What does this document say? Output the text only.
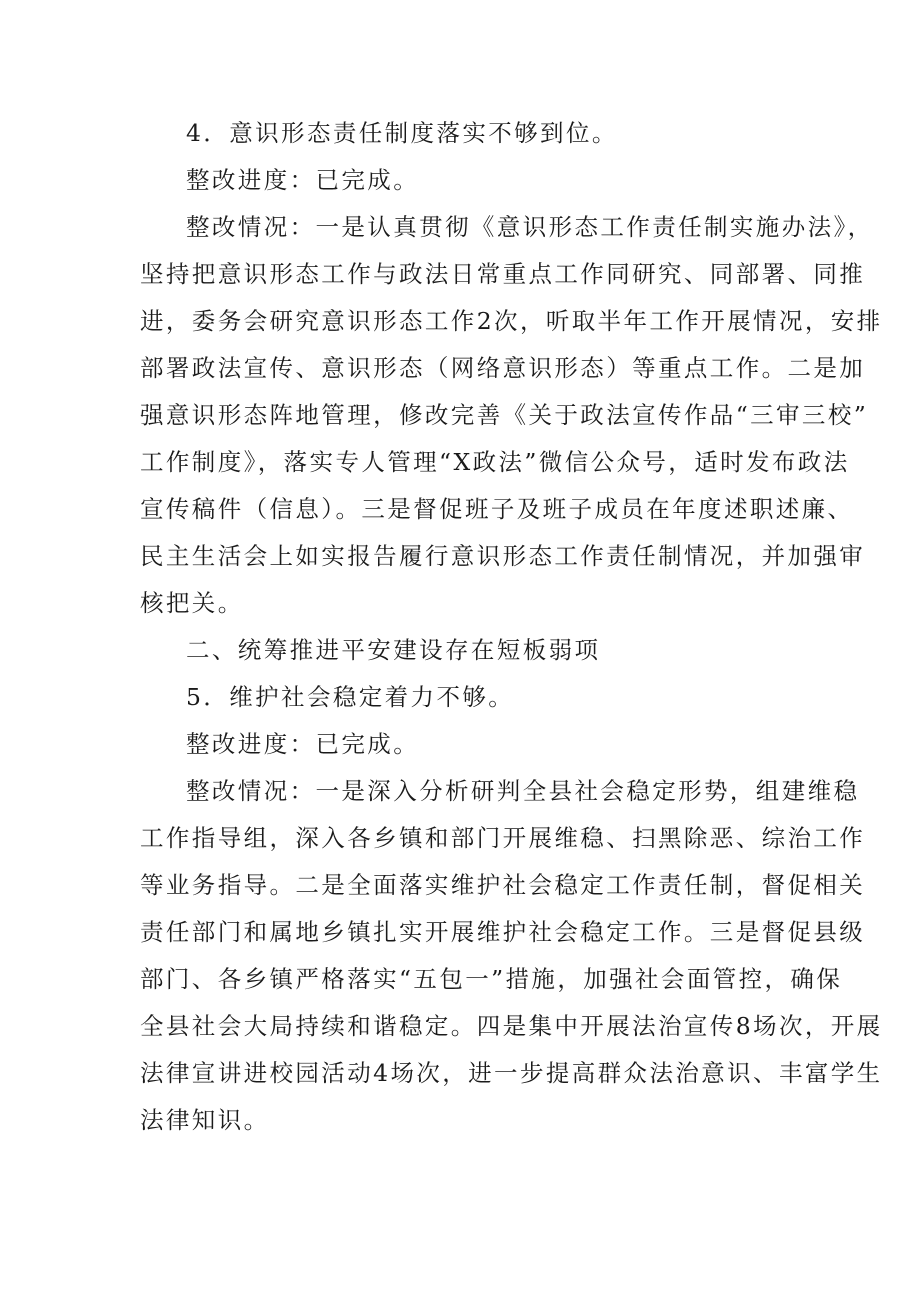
4．意识形态责任制度落实不够到位。
整改进度：已完成。
整改情况：一是认真贯彻《意识形态工作责任制实施办法》，
坚持把意识形态工作与政法日常重点工作同研究、同部署、同推
进，委务会研究意识形态工作2次，听取半年工作开展情况，安排
部署政法宣传、意识形态（网络意识形态）等重点工作。二是加
强意识形态阵地管理，修改完善《关于政法宣传作品“三审三校”
工作制度》，落实专人管理“X政法”微信公众号，适时发布政法
宣传稿件（信息）。三是督促班子及班子成员在年度述职述廉、
民主生活会上如实报告履行意识形态工作责任制情况，并加强审
核把关。
二、统筹推进平安建设存在短板弱项
5．维护社会稳定着力不够。
整改进度：已完成。
整改情况：一是深入分析研判全县社会稳定形势，组建维稳
工作指导组，深入各乡镇和部门开展维稳、扫黑除恶、综治工作
等业务指导。二是全面落实维护社会稳定工作责任制，督促相关
责任部门和属地乡镇扎实开展维护社会稳定工作。三是督促县级
部门、各乡镇严格落实“五包一”措施，加强社会面管控，确保
全县社会大局持续和谐稳定。四是集中开展法治宣传8场次，开展
法律宣讲进校园活动4场次，进一步提高群众法治意识、丰富学生
法律知识。
